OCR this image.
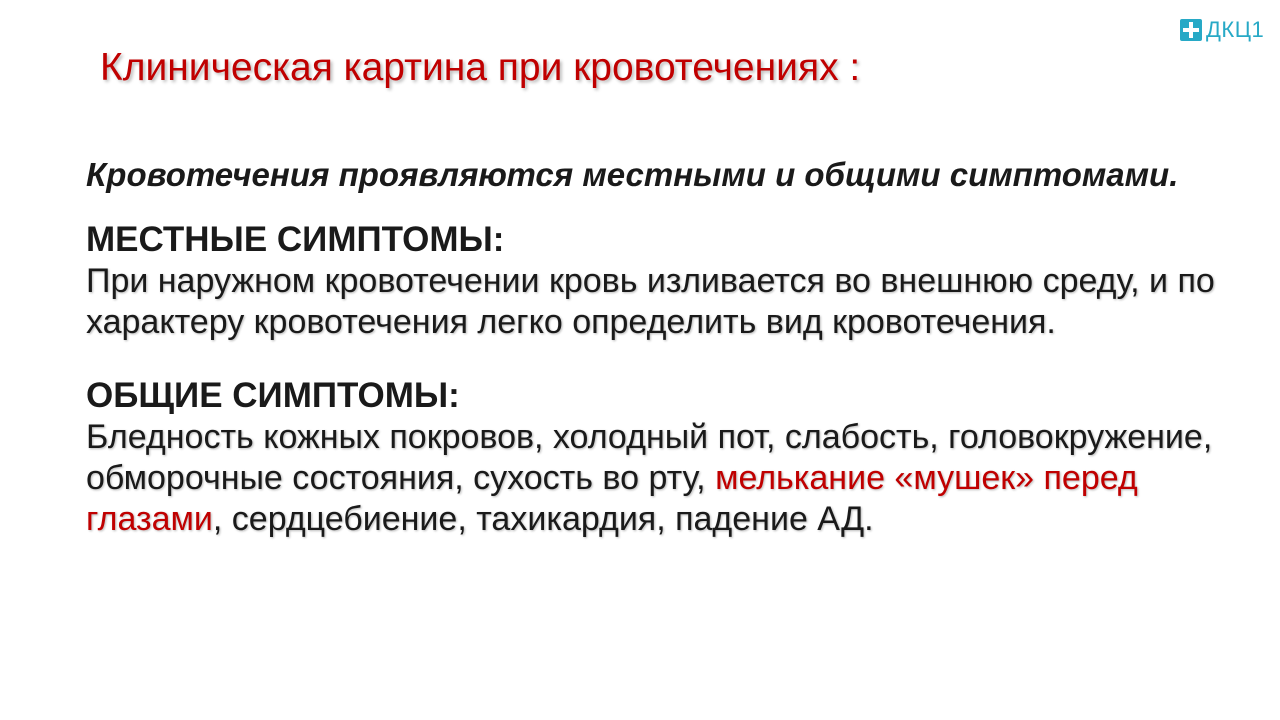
ДКЦ1
Клиническая картина при кровотечениях :

Кровотечения проявляются местными и общими симптомами.

МЕСТНЫЕ СИМПТОМЫ:

При наружном кровотечении кровь изливается во внешнюю среду, и по характеру кровотечения легко определить вид кровотечения.

ОБЩИЕ СИМПТОМЫ:

Бледность кожных покровов, холодный пот, слабость, головокружение, обморочные состояния, сухость во рту, мелькание «мушек» перед глазами, сердцебиение, тахикардия, падение АД.
